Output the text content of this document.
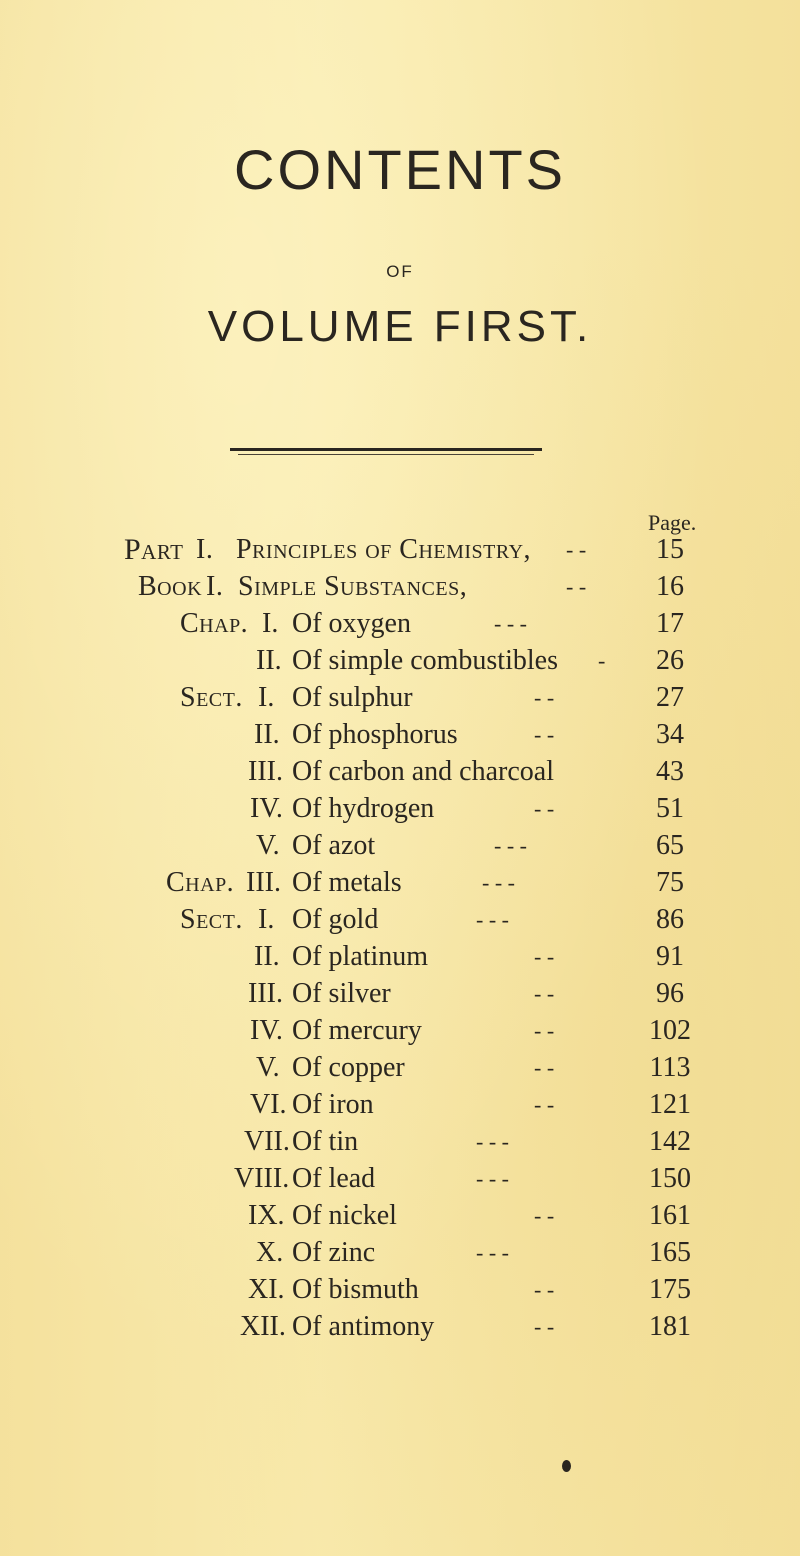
CONTENTS
OF
VOLUME FIRST.
Page.
Part I. Principles of Chemistry, - -	15
Book I. Simple Substances,	- -	16
Chap. I. Of oxygen	- - -	17
II. Of simple combustibles -	26
Sect. I. Of sulphur	- -	27
II. Of phosphorus	- -	34
III. Of carbon and charcoal	43
IV. Of hydrogen	- -	51
V. Of azot	- - -	65
Chap. III. Of metals	- - -	75
Sect. I. Of gold	- - -	86
II. Of platinum	- -	91
III. Of silver	- -	96
IV. Of mercury	- -	102
V. Of copper	- -	113
VI. Of iron	- -	121
VII. Of tin	- - -	142
VIII. Of lead	- - -	150
IX. Of nickel	- -	161
X. Of zinc	- - -	165
XI. Of bismuth	- -	175
XII. Of antimony	- -	181
